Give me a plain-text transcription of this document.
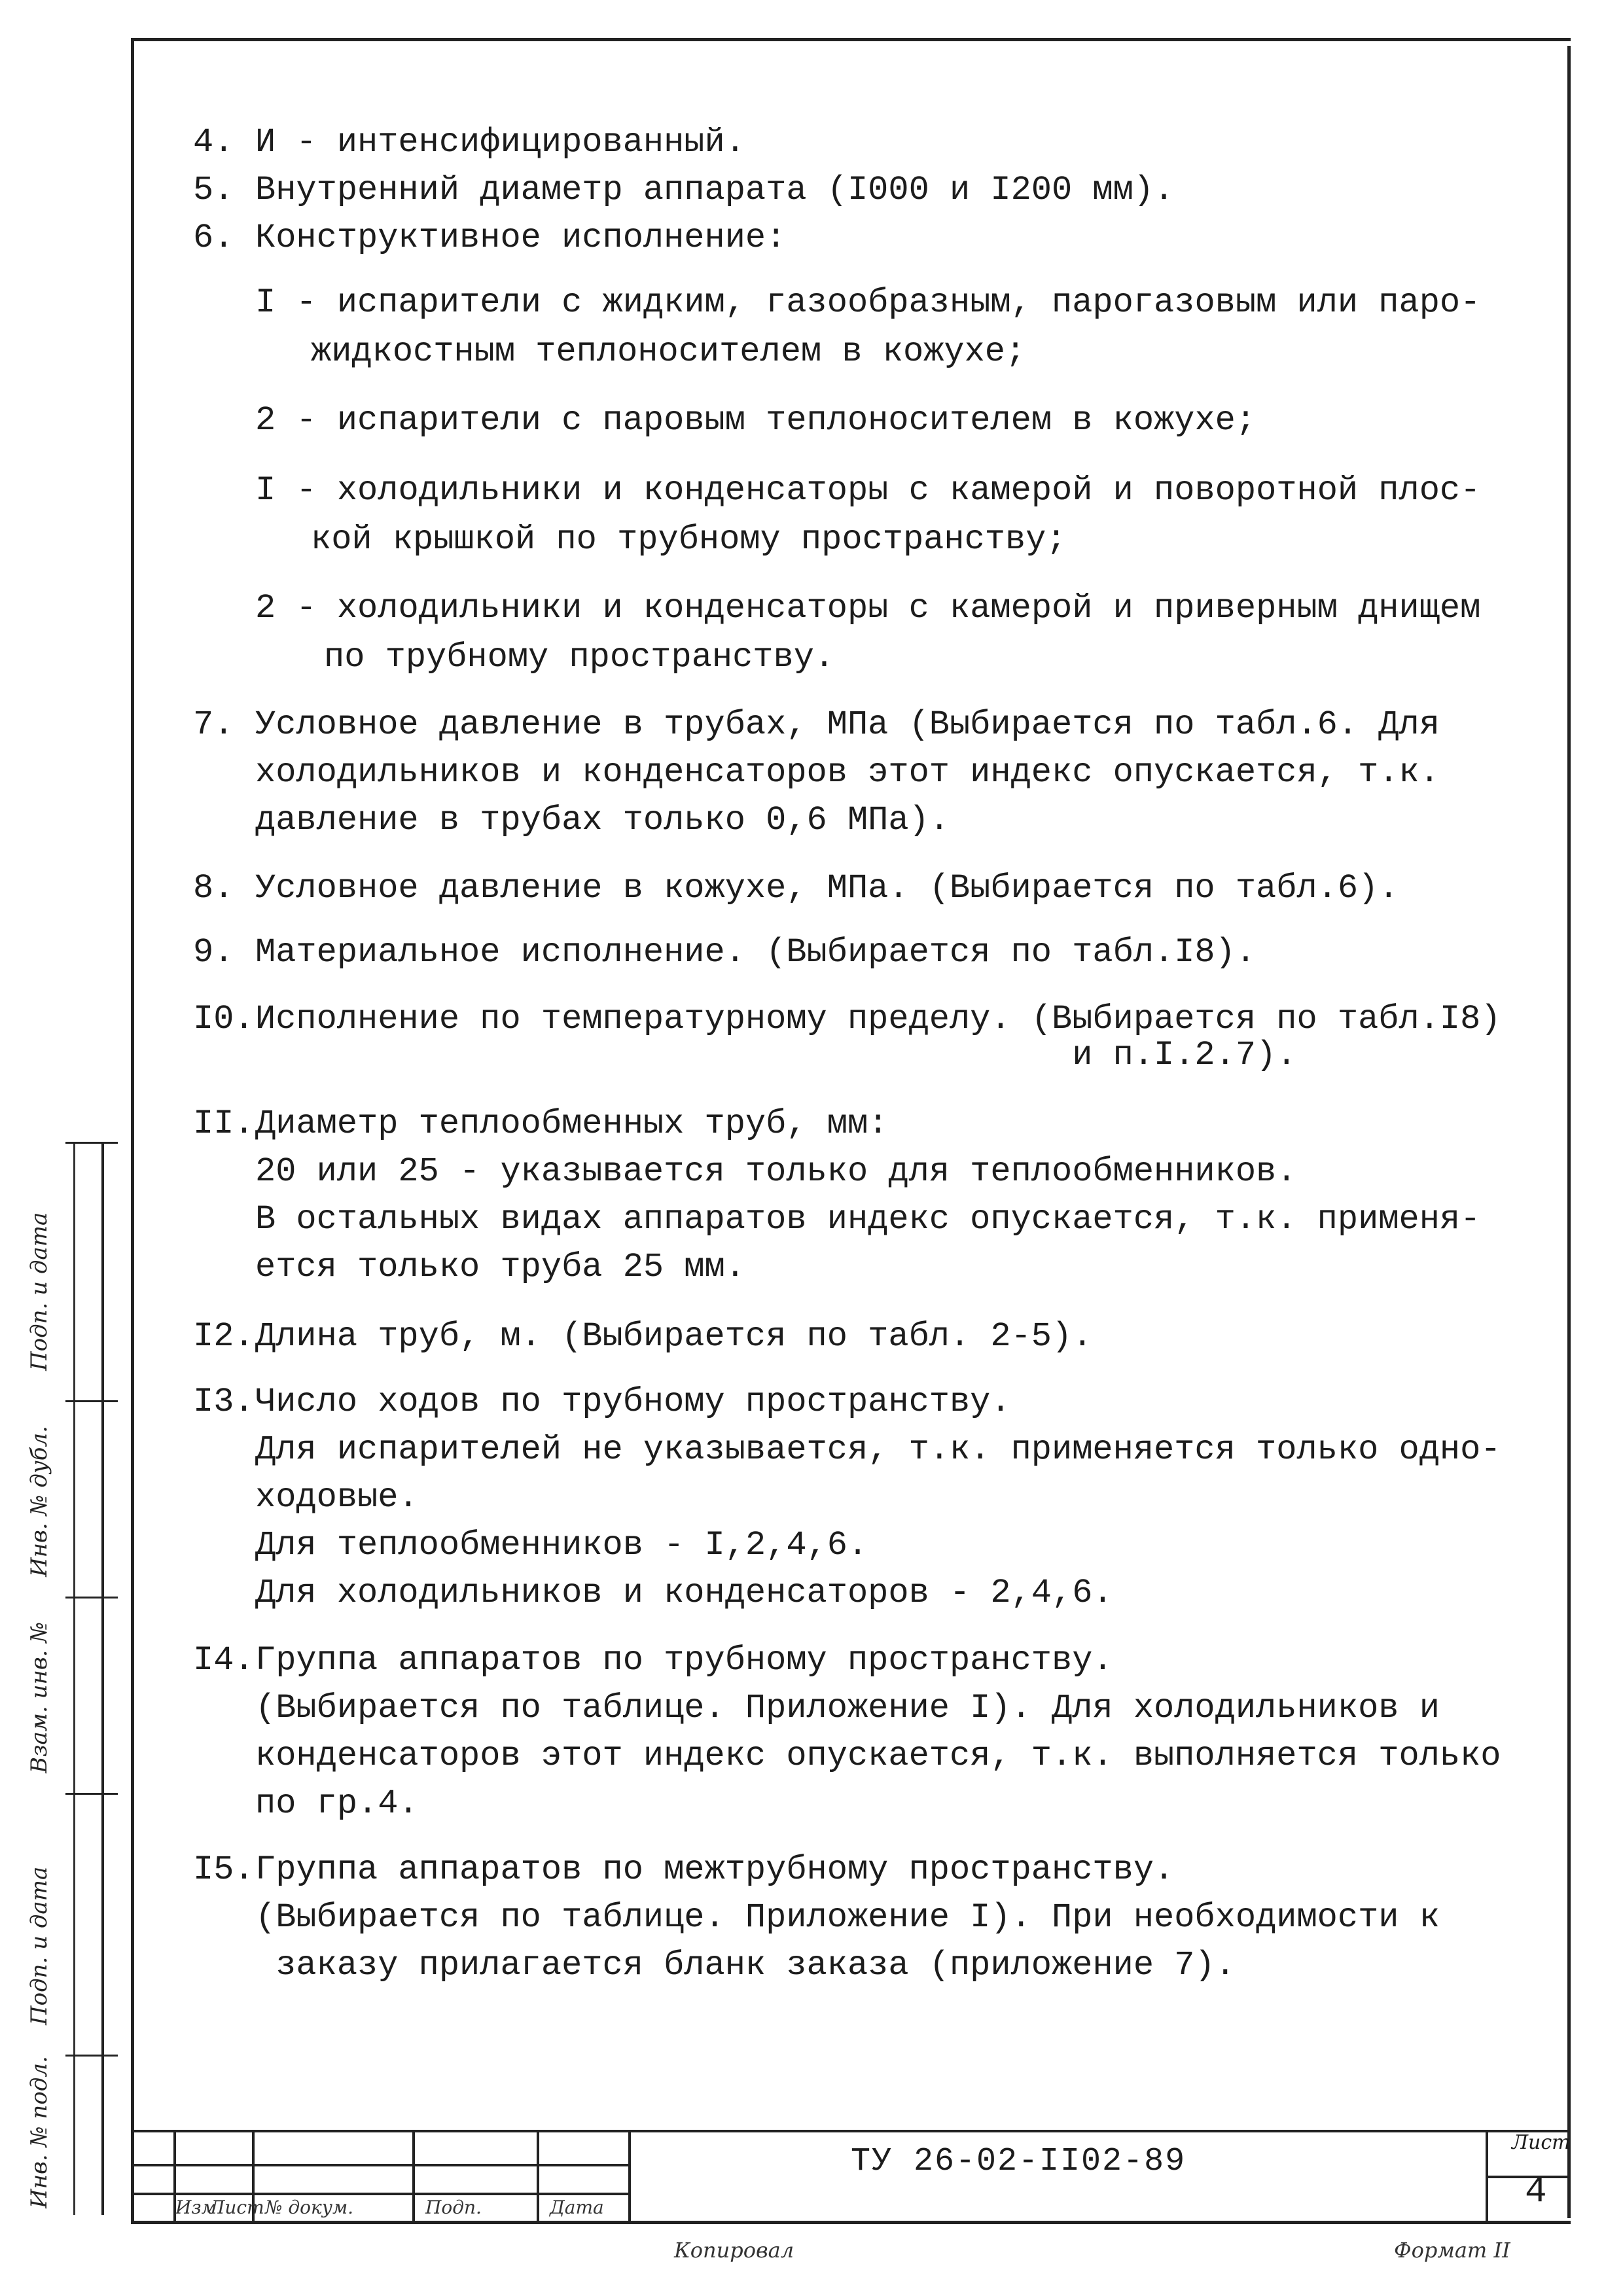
4. И - интенсифицированный.
5. Внутренний диаметр аппарата (I000 и I200 мм).
6. Конструктивное исполнение:
I - испарители с жидким, газообразным, парогазовым или паро-
жидкостным теплоносителем в кожухе;
2 - испарители с паровым теплоносителем в кожухе;
I - холодильники и конденсаторы с камерой и поворотной плос-
кой крышкой по трубному пространству;
2 - холодильники и конденсаторы с камерой и приверным днищем
по трубному пространству.
7. Условное давление в трубах, МПа (Выбирается по табл.6. Для
холодильников и конденсаторов этот индекс опускается, т.к.
давление в трубах только 0,6 МПа).
8. Условное давление в кожухе, МПа. (Выбирается по табл.6).
9. Материальное исполнение. (Выбирается по табл.I8).
I0.Исполнение по температурному пределу. (Выбирается по табл.I8)
и п.I.2.7).
II.Диаметр теплообменных труб, мм:
20 или 25 - указывается только для теплообменников.
В остальных видах аппаратов индекс опускается, т.к. применя-
ется только труба 25 мм.
I2.Длина труб, м. (Выбирается по табл. 2-5).
I3.Число ходов по трубному пространству.
Для испарителей не указывается, т.к. применяется только одно-
ходовые.
Для теплообменников - I,2,4,6.
Для холодильников и конденсаторов - 2,4,6.
I4.Группа аппаратов по трубному пространству.
(Выбирается по таблице. Приложение I). Для холодильников и
конденсаторов этот индекс опускается, т.к. выполняется только
по гр.4.
I5.Группа аппаратов по межтрубному пространству.
(Выбирается по таблице. Приложение I). При необходимости к
заказу прилагается бланк заказа (приложение 7).
Подп. и дата
Инв. № дубл.
Взам. инв. №
Подп. и дата
Инв. № подл.	Изм
Лист № докум.	Подп.	Дата
ТУ 26-02-II02-89
Лист
4
Копировал	Формат II
